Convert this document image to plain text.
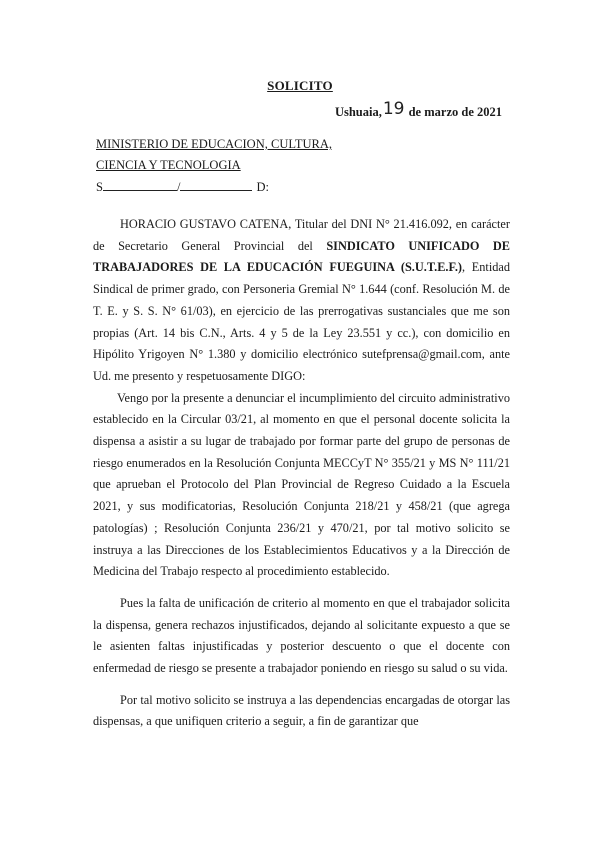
SOLICITO
Ushuaia,19 de marzo de 2021
MINISTERIO DE EDUCACION, CULTURA,
CIENCIA Y TECNOLOGIA
S	/	D:

HORACIO GUSTAVO CATENA, Titular del DNI N° 21.416.092, en carácter de Secretario General Provincial del SINDICATO UNIFICADO DE TRABAJADORES DE LA EDUCACIÓN FUEGUINA (S.U.T.E.F.), Entidad Sindical de primer grado, con Personeria Gremial N° 1.644 (conf. Resolución M. de T. E. y S. S. N° 61/03), en ejercicio de las prerrogativas sustanciales que me son propias (Art. 14 bis C.N., Arts. 4 y 5 de la Ley 23.551 y cc.), con domicilio en Hipólito Yrigoyen N° 1.380 y domicilio electrónico sutefprensa@gmail.com, ante Ud. me presento y respetuosamente DIGO:

Vengo por la presente a denunciar el incumplimiento del circuito administrativo establecido en la Circular 03/21, al momento en que el personal docente solicita la dispensa a asistir a su lugar de trabajado por formar parte del grupo de personas de riesgo enumerados en la Resolución Conjunta MECCyT N° 355/21 y MS N° 111/21 que aprueban el Protocolo del Plan Provincial de Regreso Cuidado a la Escuela 2021, y sus modificatorias, Resolución Conjunta 218/21 y 458/21 (que agrega patologías) ; Resolución Conjunta 236/21 y 470/21, por tal motivo solicito se instruya a las Direcciones de los Establecimientos Educativos y a la Dirección de Medicina del Trabajo respecto al procedimiento establecido.

Pues la falta de unificación de criterio al momento en que el trabajador solicita la dispensa, genera rechazos injustificados, dejando al solicitante expuesto a que se le asienten faltas injustificadas y posterior descuento o que el docente con enfermedad de riesgo se presente a trabajador poniendo en riesgo su salud o su vida.

Por tal motivo solicito se instruya a las dependencias encargadas de otorgar las dispensas, a que unifiquen criterio a seguir, a fin de garantizar que
